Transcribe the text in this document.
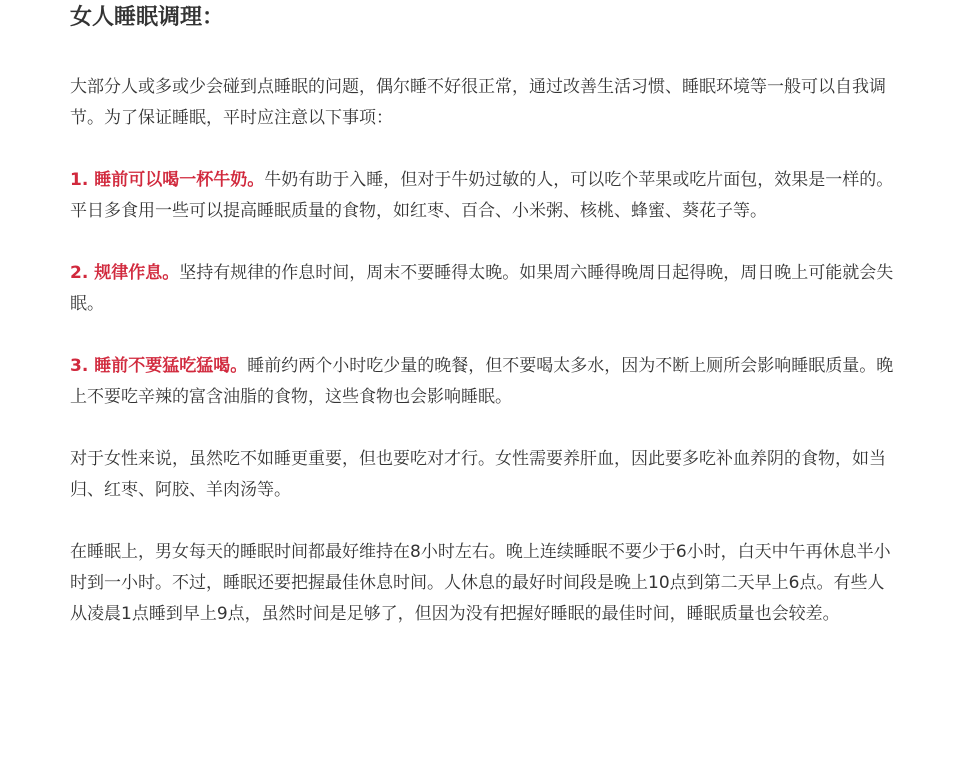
女人睡眠调理：

大部分人或多或少会碰到点睡眠的问题，偶尔睡不好很正常，通过改善生活习惯、睡眠环境等一般可以自我调节。为了保证睡眠，平时应注意以下事项：

1. 睡前可以喝一杯牛奶。牛奶有助于入睡，但对于牛奶过敏的人，可以吃个苹果或吃片面包，效果是一样的。平日多食用一些可以提高睡眠质量的食物，如红枣、百合、小米粥、核桃、蜂蜜、葵花子等。

2. 规律作息。坚持有规律的作息时间，周末不要睡得太晚。如果周六睡得晚周日起得晚，周日晚上可能就会失眠。

3. 睡前不要猛吃猛喝。睡前约两个小时吃少量的晚餐，但不要喝太多水，因为不断上厕所会影响睡眠质量。晚上不要吃辛辣的富含油脂的食物，这些食物也会影响睡眠。

对于女性来说，虽然吃不如睡更重要，但也要吃对才行。女性需要养肝血，因此要多吃补血养阴的食物，如当归、红枣、阿胶、羊肉汤等。

在睡眠上，男女每天的睡眠时间都最好维持在8小时左右。晚上连续睡眠不要少于6小时，白天中午再休息半小时到一小时。不过，睡眠还要把握最佳休息时间。人休息的最好时间段是晚上10点到第二天早上6点。有些人从凌晨1点睡到早上9点，虽然时间是足够了，但因为没有把握好睡眠的最佳时间，睡眠质量也会较差。
